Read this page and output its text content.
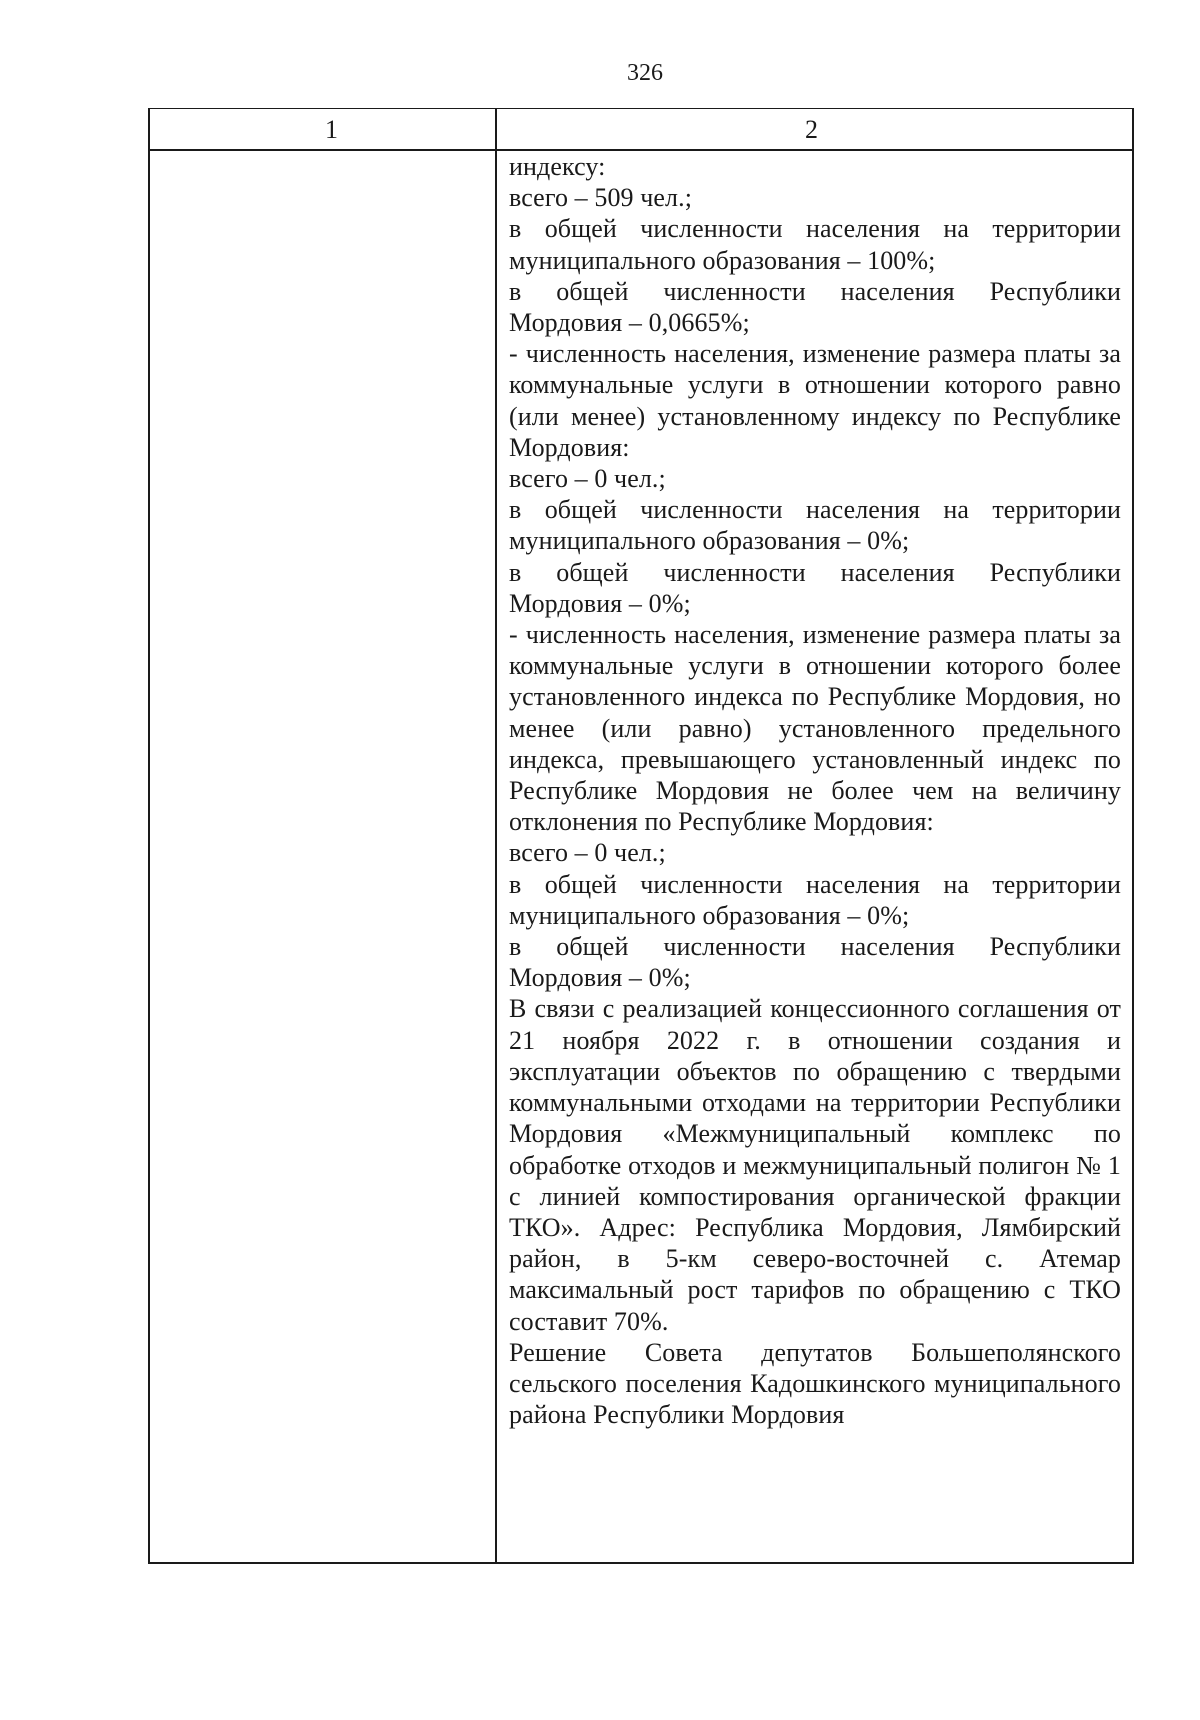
326
1	2

индексу:

всего – 509 чел.;

в общей численности населения на территории муниципального образования – 100%;

в общей численности населения Республики Мордовия – 0,0665%;

- численность населения, изменение размера платы за коммунальные услуги в отношении которого равно (или менее) установленному индексу по Республике Мордовия:

всего – 0 чел.;

в общей численности населения на территории муниципального образования – 0%;

в общей численности населения Республики Мордовия – 0%;

- численность населения, изменение размера платы за коммунальные услуги в отношении которого более установленного индекса по Республике Мордовия, но менее (или равно) установленного предельного индекса, превышающего установленный индекс по Республике Мордовия не более чем на величину отклонения по Республике Мордовия:

всего – 0 чел.;

в общей численности населения на территории муниципального образования – 0%;

в общей численности населения Республики Мордовия – 0%;

В связи с реализацией концессионного соглашения от 21 ноября 2022 г. в отношении создания и эксплуатации объектов по обращению с твердыми коммунальными отходами на территории Республики Мордовия «Межмуниципальный комплекс по обработке отходов и межмуниципальный полигон № 1 с линией компостирования органической фракции ТКО». Адрес: Республика Мордовия, Лямбирский район, в 5-км северо-восточней с. Атемар максимальный рост тарифов по обращению с ТКО составит 70%.

Решение Совета депутатов Большеполянского сельского поселения Кадошкинского муниципального района Республики Мордовия
